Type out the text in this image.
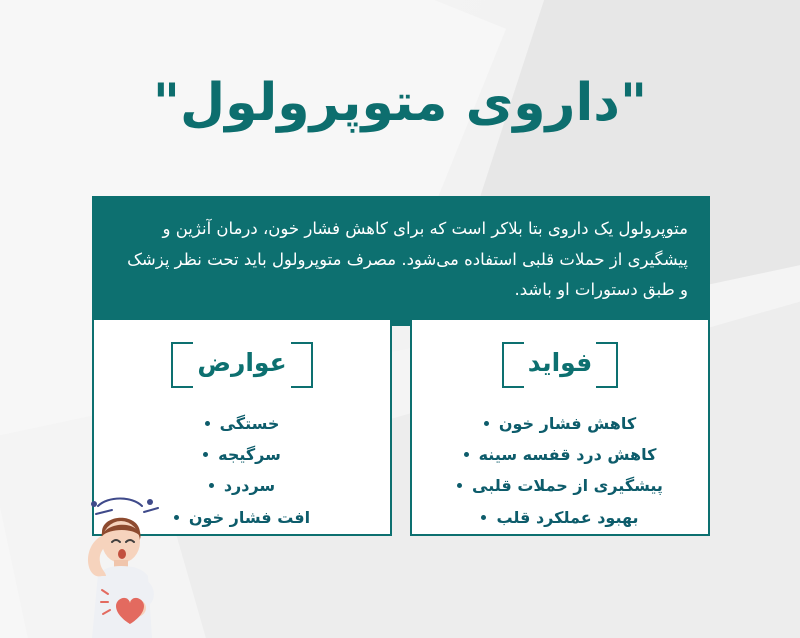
"داروی متوپرولول"
متوپرولول یک داروی بتا بلاکر است که برای کاهش فشار خون، درمان آنژین و پیشگیری از حملات قلبی استفاده می‌شود. مصرف متوپرولول باید تحت نظر پزشک و طبق دستورات او باشد.
فواید
کاهش فشار خون
کاهش درد قفسه سینه
پیشگیری از حملات قلبی
بهبود عملکرد قلب
عوارض
خستگی
سرگیجه
سردرد
افت فشار خون
